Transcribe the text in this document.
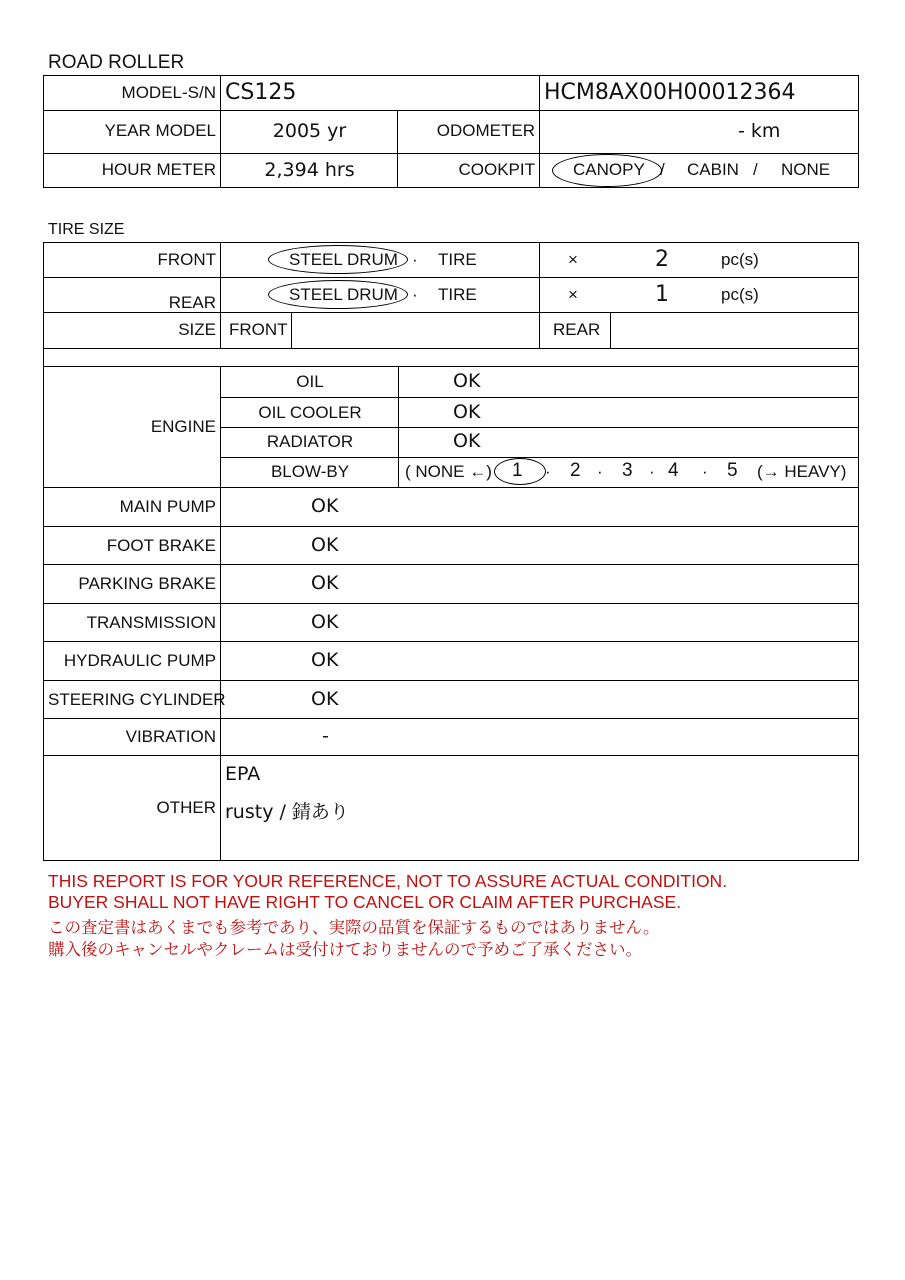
ROAD ROLLER
MODEL-S/N CS125	HCM8AX00H00012364
YEAR MODEL	2005 yr	ODOMETER	- km
HOUR METER	2,394 hrs	COOKPIT CANOPY / CABIN / NONE
TIRE SIZE
FRONT	STEEL DRUM · TIRE	×	2	pc(s)
REAR	STEEL DRUM · TIRE	×	1	pc(s)
SIZE FRONT	REAR
ENGINE
OIL	OK
OIL COOLER	OK
RADIATOR	OK
BLOW-BY	( NONE ←) 1 · 2 · 3 · 4 · 5 (→ HEAVY)
MAIN PUMP	OK
FOOT BRAKE	OK
PARKING BRAKE	OK
TRANSMISSION	OK
HYDRAULIC PUMP	OK
STEERING CYLINDER	OK
VIBRATION	-
OTHER
EPA
rusty / 錆あり
THIS REPORT IS FOR YOUR REFERENCE, NOT TO ASSURE ACTUAL CONDITION.
BUYER SHALL NOT HAVE RIGHT TO CANCEL OR CLAIM AFTER PURCHASE.
この査定書はあくまでも参考であり、実際の品質を保証するものではありません。
購入後のキャンセルやクレームは受付けておりませんので予めご了承ください。
